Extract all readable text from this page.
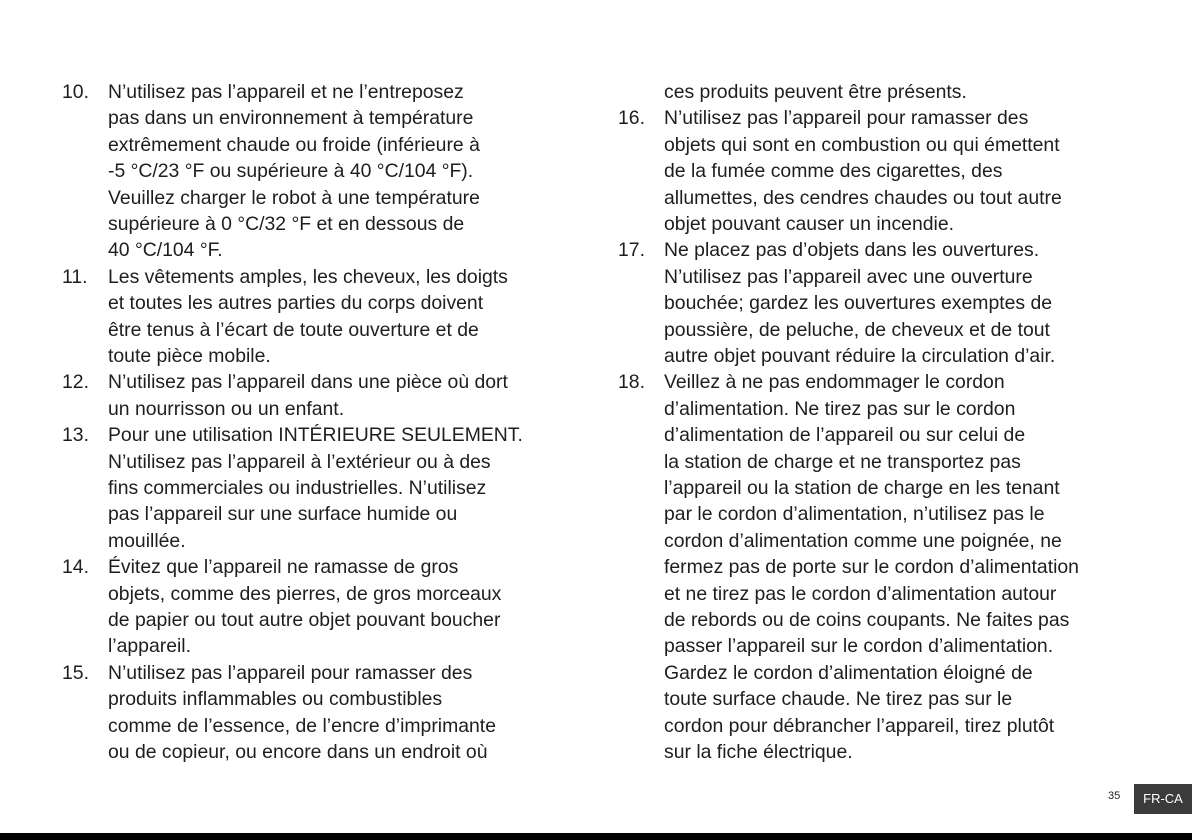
10. N’utilisez pas l’appareil et ne l’entreposez
pas dans un environnement à température
extrêmement chaude ou froide (inférieure à
-5 °C/23 °F ou supérieure à 40 °C/104 °F).
Veuillez charger le robot à une température
supérieure à 0 °C/32 °F et en dessous de
40 °C/104 °F.
11. Les vêtements amples, les cheveux, les doigts
et toutes les autres parties du corps doivent
être tenus à l’écart de toute ouverture et de
toute pièce mobile.
12. N’utilisez pas l’appareil dans une pièce où dort
un nourrisson ou un enfant.
13. Pour une utilisation INTÉRIEURE SEULEMENT.
N’utilisez pas l’appareil à l’extérieur ou à des
fins commerciales ou industrielles. N’utilisez
pas l’appareil sur une surface humide ou
mouillée.
14. Évitez que l’appareil ne ramasse de gros
objets, comme des pierres, de gros morceaux
de papier ou tout autre objet pouvant boucher
l’appareil.
15. N’utilisez pas l’appareil pour ramasser des
produits inflammables ou combustibles
comme de l’essence, de l’encre d’imprimante
ou de copieur, ou encore dans un endroit où
ces produits peuvent être présents.
16. N’utilisez pas l’appareil pour ramasser des
objets qui sont en combustion ou qui émettent
de la fumée comme des cigarettes, des
allumettes, des cendres chaudes ou tout autre
objet pouvant causer un incendie.
17. Ne placez pas d’objets dans les ouvertures.
N’utilisez pas l’appareil avec une ouverture
bouchée; gardez les ouvertures exemptes de
poussière, de peluche, de cheveux et de tout
autre objet pouvant réduire la circulation d’air.
18. Veillez à ne pas endommager le cordon
d’alimentation. Ne tirez pas sur le cordon
d’alimentation de l’appareil ou sur celui de
la station de charge et ne transportez pas
l’appareil ou la station de charge en les tenant
par le cordon d’alimentation, n’utilisez pas le
cordon d’alimentation comme une poignée, ne
fermez pas de porte sur le cordon d’alimentation
et ne tirez pas le cordon d’alimentation autour
de rebords ou de coins coupants. Ne faites pas
passer l’appareil sur le cordon d’alimentation.
Gardez le cordon d’alimentation éloigné de
toute surface chaude. Ne tirez pas sur le
cordon pour débrancher l’appareil, tirez plutôt
sur la fiche électrique.
35	FR-CA
